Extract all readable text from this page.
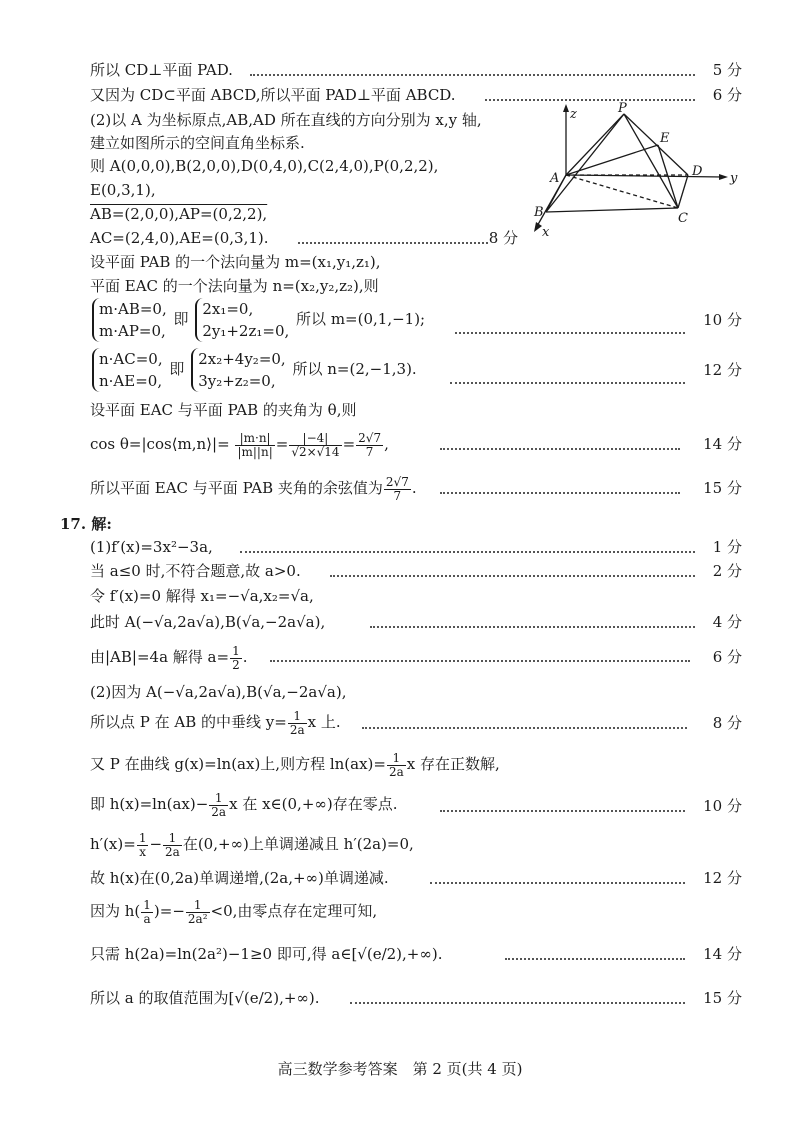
所以 CD⊥平面 PAD.	5 分
又因为 CD⊂平面 ABCD,所以平面 PAD⊥平面 ABCD.	6 分
(2)以 A 为坐标原点,AB,AD 所在直线的方向分别为 x,y 轴,
建立如图所示的空间直角坐标系.
则 A(0,0,0),B(2,0,0),D(0,4,0),C(2,4,0),P(0,2,2),
E(0,3,1),
AB=(2,0,0),AP=(0,2,2),
AC=(2,4,0),AE=(0,3,1).	8 分
P
E
D
A
B	C
x
y
z
设平面 PAB 的一个法向量为 m=(x₁,y₁,z₁),
平面 EAC 的一个法向量为 n=(x₂,y₂,z₂),则
m·AB=0,
m·AP=0,
即
2x₁=0,
2y₁+2z₁=0,
所以 m=(0,1,−1);	10 分
n·AC=0,
n·AE=0,
即
2x₂+4y₂=0,
3y₂+z₂=0,
所以 n=(2,−1,3).	12 分
设平面 EAC 与平面 PAB 的夹角为 θ,则
cos θ=|cos⟨m,n⟩|= $\frac{|m\cdot n|}{|m||n|} = \frac{|-4|}{√2\times√14} = \frac{2√7}{7}$ ,	14 分
所以平面 EAC 与平面 PAB 夹角的余弦值为 $\frac{2√7}{7}$ .	15 分
17. 解:
(1)f′(x)=3x²−3a,	1 分
当 a≤0 时,不符合题意,故 a>0.	2 分
令 f′(x)=0 解得 x₁=−√a,x₂=√a,
此时 A(−√a,2a√a),B(√a,−2a√a),	4 分
由|AB|=4a 解得 $a= \frac{1}{2}$ .	6 分
(2)因为 A(−√a,2a√a),B(√a,−2a√a),
所以点 P 在 AB 的中垂线 $y= \frac{1}{2a}$ x 上.	8 分
又 P 在曲线 g(x)=ln(ax)上,则方程 $\ln(ax)= \frac{1}{2a}$ x 存在正数解,
即 $h(x)=\ln(ax)- \frac{1}{2a}$ x 在 x∈(0,+∞)存在零点.	10 分
$h'(x)= \frac{1}{x} - \frac{1}{2a}$ 在(0,+∞)上单调递减且 h′(2a)=0,
故 h(x)在(0,2a)单调递增,(2a,+∞)单调递减.	12 分
因为 $h( \frac{1}{a}$ )=− $\frac{1}{\text{2a²}} <0$,由零点存在定理可知,
只需 h(2a)=ln(2a²)−1≥0 即可,得 a∈[√(e/2),+∞).	14 分
所以 a 的取值范围为[√(e/2),+∞).	15 分
高三数学参考答案　第 2 页(共 4 页)
